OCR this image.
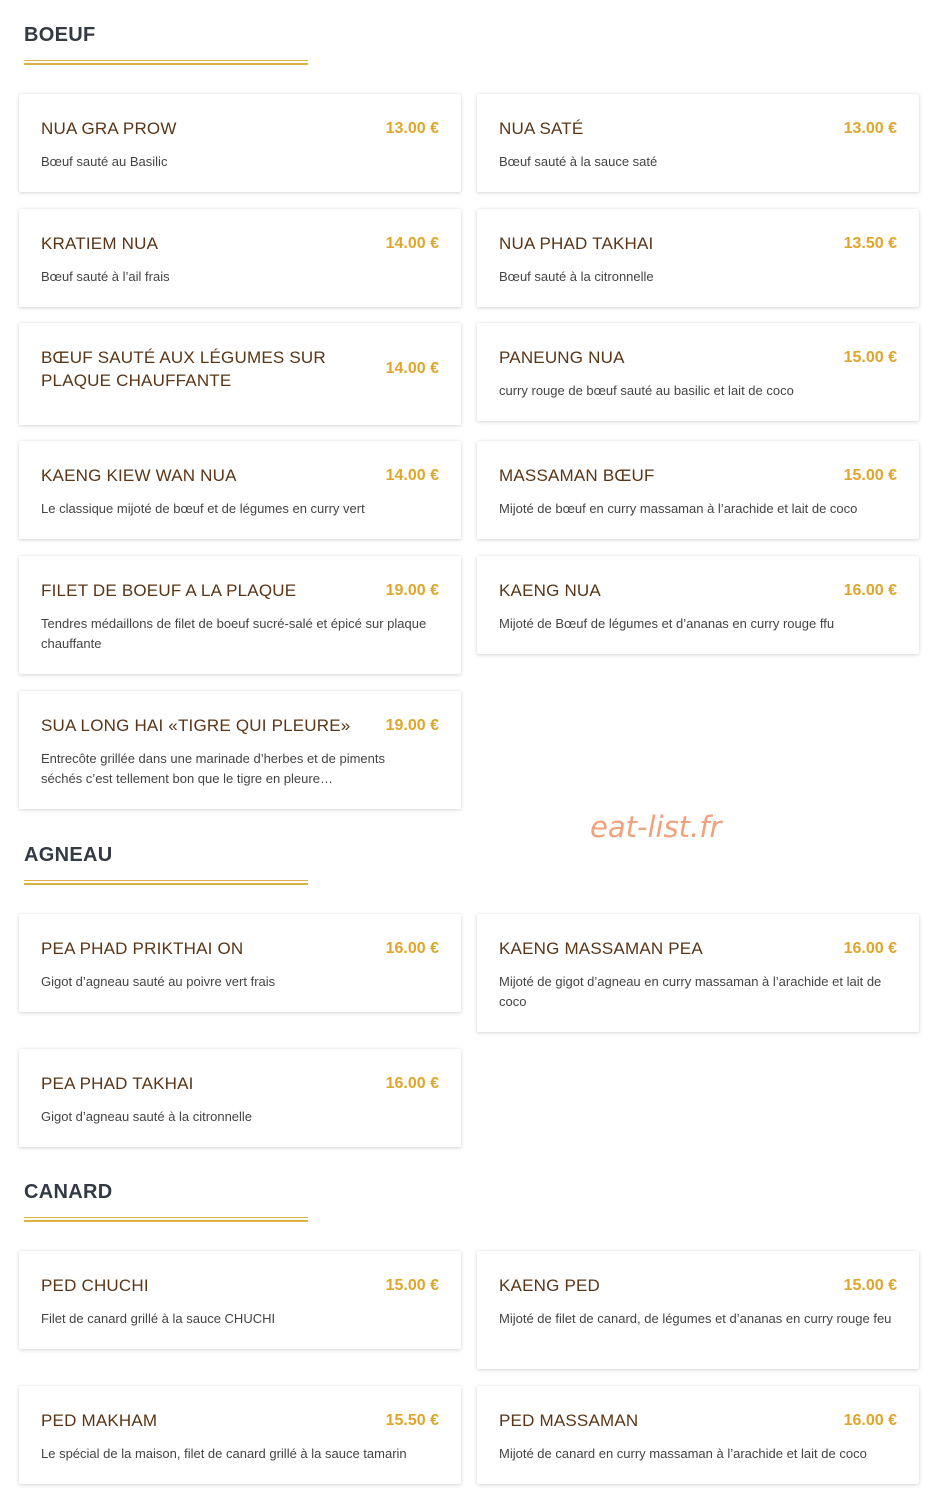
BOEUF
NUA GRA PROW	13.00 €
Bœuf sauté au Basilic
NUA SATÉ	13.00 €
Bœuf sauté à la sauce saté
KRATIEM NUA	14.00 €
Bœuf sauté à l’ail frais
NUA PHAD TAKHAI	13.50 €
Bœuf sauté à la citronnelle
BŒUF SAUTÉ AUX LÉGUMES SUR PLAQUE CHAUFFANTE
14.00 €
PANEUNG NUA	15.00 €
curry rouge de bœuf sauté au basilic et lait de coco
KAENG KIEW WAN NUA	14.00 €
Le classique mijoté de bœuf et de légumes en curry vert
MASSAMAN BŒUF	15.00 €
Mijoté de bœuf en curry massaman à l’arachide et lait de coco
FILET DE BOEUF A LA PLAQUE	19.00 €
Tendres médaillons de filet de boeuf sucré-salé et épicé sur plaque chauffante
KAENG NUA	16.00 €
Mijoté de Bœuf de légumes et d’ananas en curry rouge ffu
SUA LONG HAI «TIGRE QUI PLEURE»	19.00 €
Entrecôte grillée dans une marinade d’herbes et de piments séchés c’est tellement bon que le tigre en pleure…
eat-list.fr
AGNEAU
PEA PHAD PRIKTHAI ON	16.00 €
Gigot d’agneau sauté au poivre vert frais
KAENG MASSAMAN PEA	16.00 €
Mijoté de gigot d’agneau en curry massaman à l’arachide et lait de coco
PEA PHAD TAKHAI	16.00 €
Gigot d’agneau sauté à la citronnelle
CANARD
PED CHUCHI	15.00 €
Filet de canard grillé à la sauce CHUCHI
KAENG PED	15.00 €
Mijoté de filet de canard, de légumes et d’ananas en curry rouge feu
PED MAKHAM	15.50 €
Le spécial de la maison, filet de canard grillé à la sauce tamarin
PED MASSAMAN	16.00 €
Mijoté de canard en curry massaman à l’arachide et lait de coco
